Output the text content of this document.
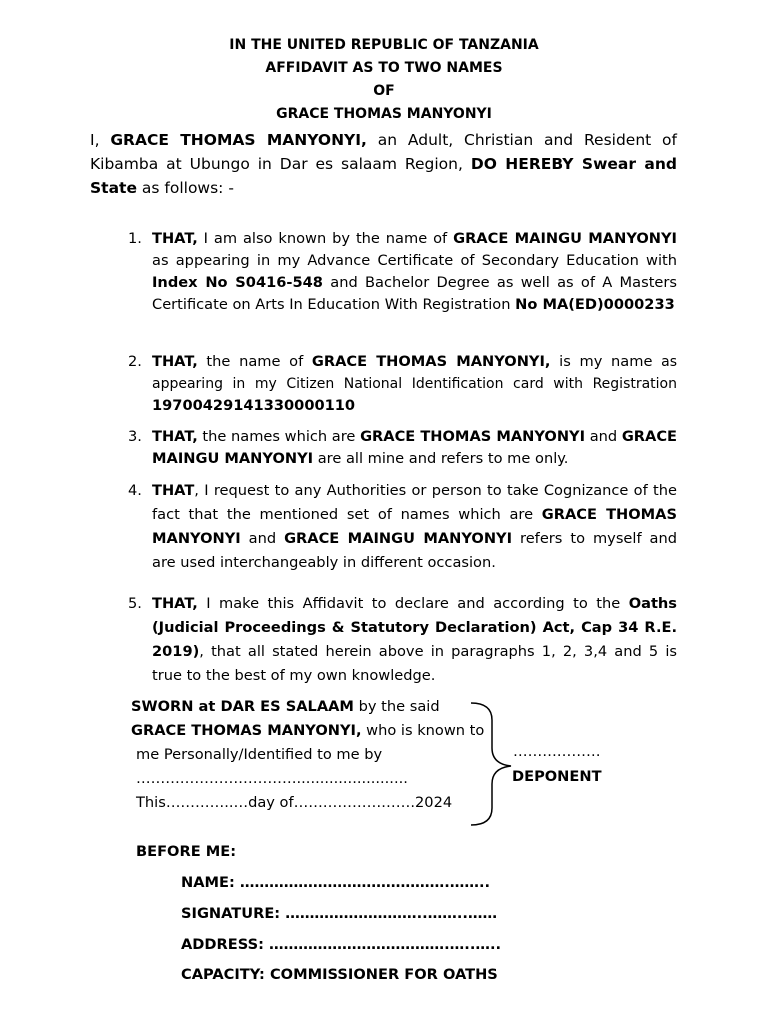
IN THE UNITED REPUBLIC OF TANZANIA
AFFIDAVIT AS TO TWO NAMES
OF
GRACE THOMAS MANYONYI
I, GRACE THOMAS MANYONYI, an Adult, Christian and Resident of Kibamba at Ubungo in Dar es salaam Region, DO HEREBY Swear and State as follows: -
1. THAT, I am also known by the name of GRACE MAINGU MANYONYI as appearing in my Advance Certificate of Secondary Education with Index No S0416-548 and Bachelor Degree as well as of A Masters Certificate on Arts In Education With Registration No MA(ED)0000233
2. THAT, the name of GRACE THOMAS MANYONYI, is my name as appearing in my Citizen National Identification card with Registration 19700429141330000110
3. THAT, the names which are GRACE THOMAS MANYONYI and GRACE MAINGU MANYONYI are all mine and refers to me only.
4. THAT, I request to any Authorities or person to take Cognizance of the fact that the mentioned set of names which are GRACE THOMAS MANYONYI and GRACE MAINGU MANYONYI refers to myself and are used interchangeably in different occasion.
5. THAT, I make this Affidavit to declare and according to the Oaths (Judicial Proceedings & Statutory Declaration) Act, Cap 34 R.E. 2019), that all stated herein above in paragraphs 1, 2, 3,4 and 5 is true to the best of my own knowledge.
SWORN at DAR ES SALAAM by the said
GRACE THOMAS MANYONYI, who is known to
me Personally/Identified to me by
……………………………........................
This…………..…day of…………………….2024
………………
DEPONENT
BEFORE ME:
NAME: …………………………………….……..
SIGNATURE: ………………………..……..……
ADDRESS: ……………………………….…..…..
CAPACITY: COMMISSIONER FOR OATHS
